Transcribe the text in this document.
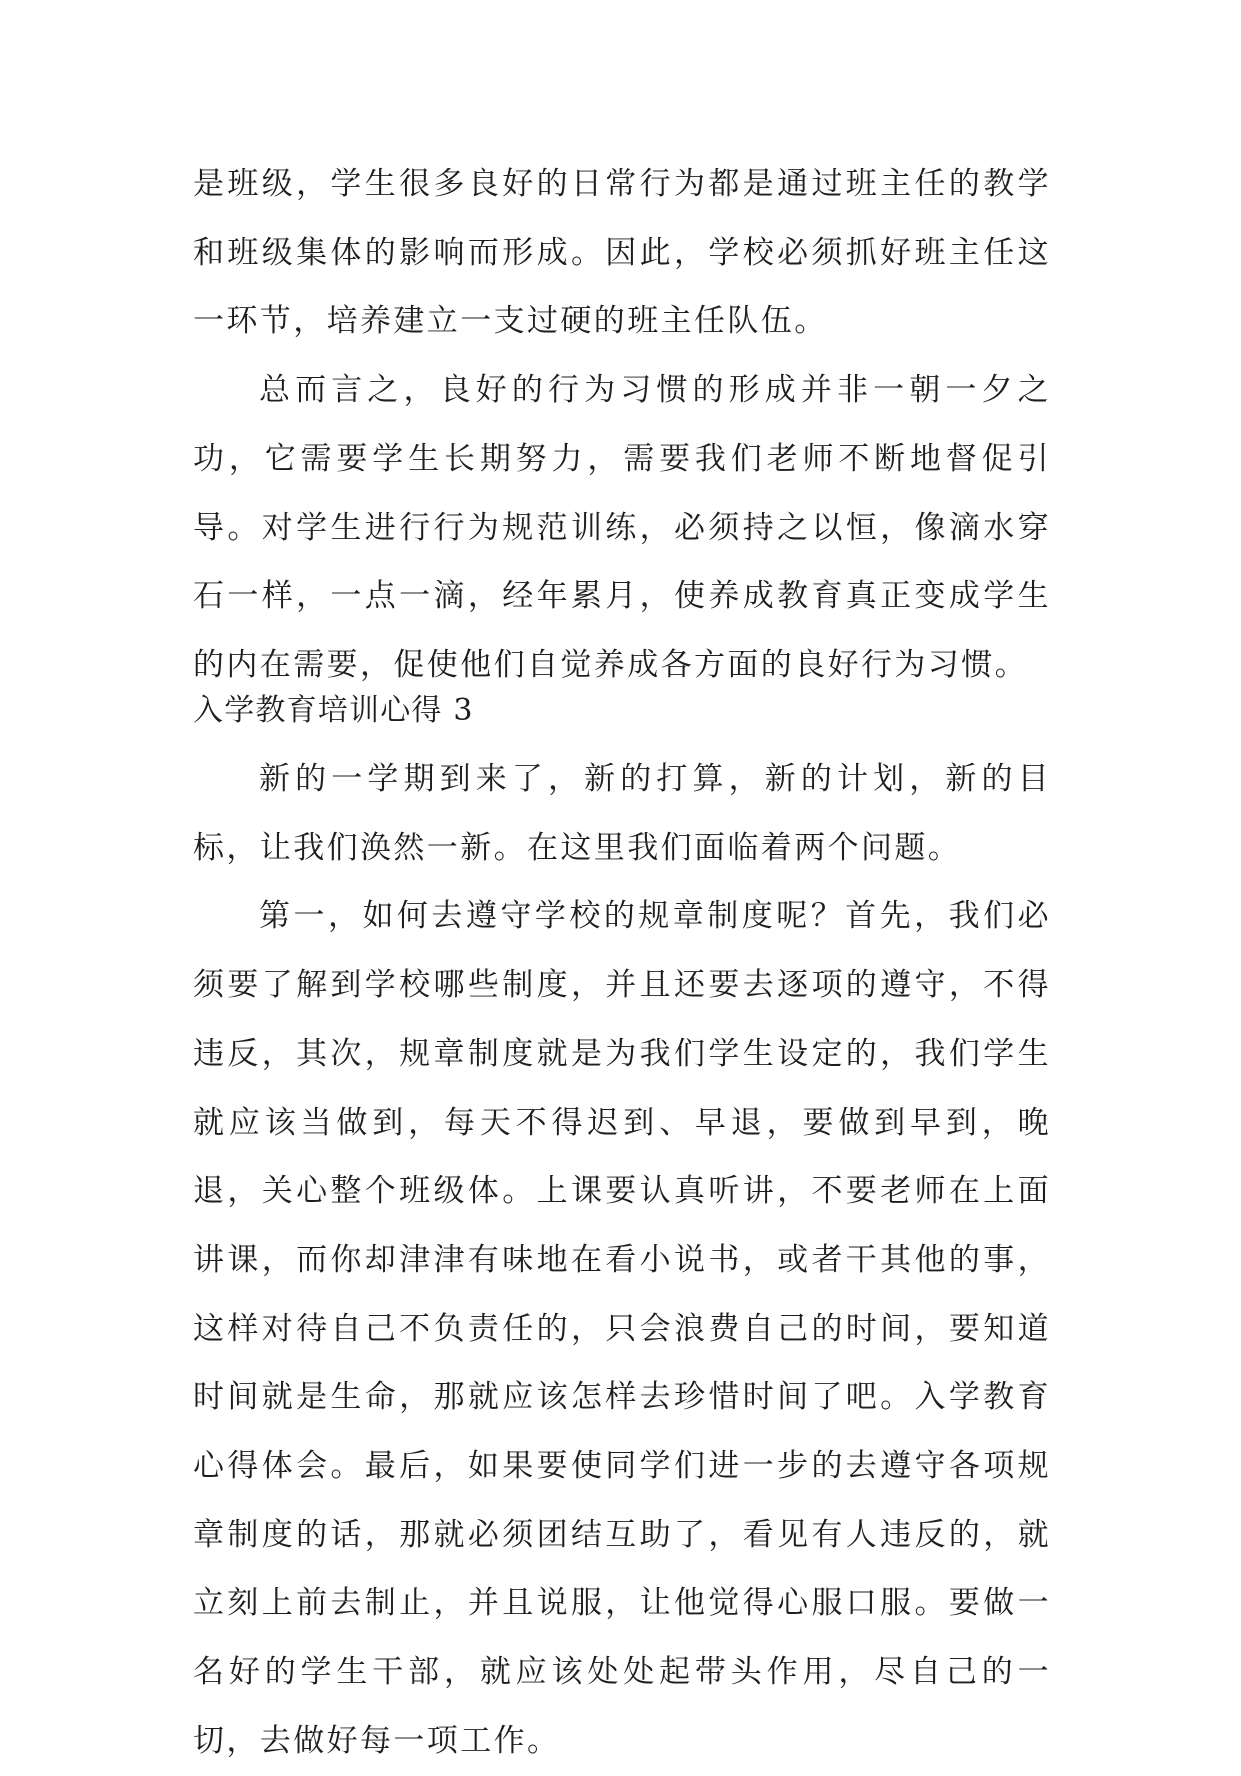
是班级，学生很多良好的日常行为都是通过班主任的教学和班级集体的影响而形成。因此，学校必须抓好班主任这一环节，培养建立一支过硬的班主任队伍。

总而言之，良好的行为习惯的形成并非一朝一夕之功，它需要学生长期努力，需要我们老师不断地督促引导。对学生进行行为规范训练，必须持之以恒，像滴水穿石一样，一点一滴，经年累月，使养成教育真正变成学生的内在需要，促使他们自觉养成各方面的良好行为习惯。

入学教育培训心得 3

新的一学期到来了，新的打算，新的计划，新的目标，让我们涣然一新。在这里我们面临着两个问题。

第一，如何去遵守学校的规章制度呢？首先，我们必须要了解到学校哪些制度，并且还要去逐项的遵守，不得违反，其次，规章制度就是为我们学生设定的，我们学生就应该当做到，每天不得迟到、早退，要做到早到，晚退，关心整个班级体。上课要认真听讲，不要老师在上面讲课，而你却津津有味地在看小说书，或者干其他的事，这样对待自己不负责任的，只会浪费自己的时间，要知道时间就是生命，那就应该怎样去珍惜时间了吧。入学教育心得体会。最后，如果要使同学们进一步的去遵守各项规章制度的话，那就必须团结互助了，看见有人违反的，就立刻上前去制止，并且说服，让他觉得心服口服。要做一名好的学生干部，就应该处处起带头作用，尽自己的一切，去做好每一项工作。
